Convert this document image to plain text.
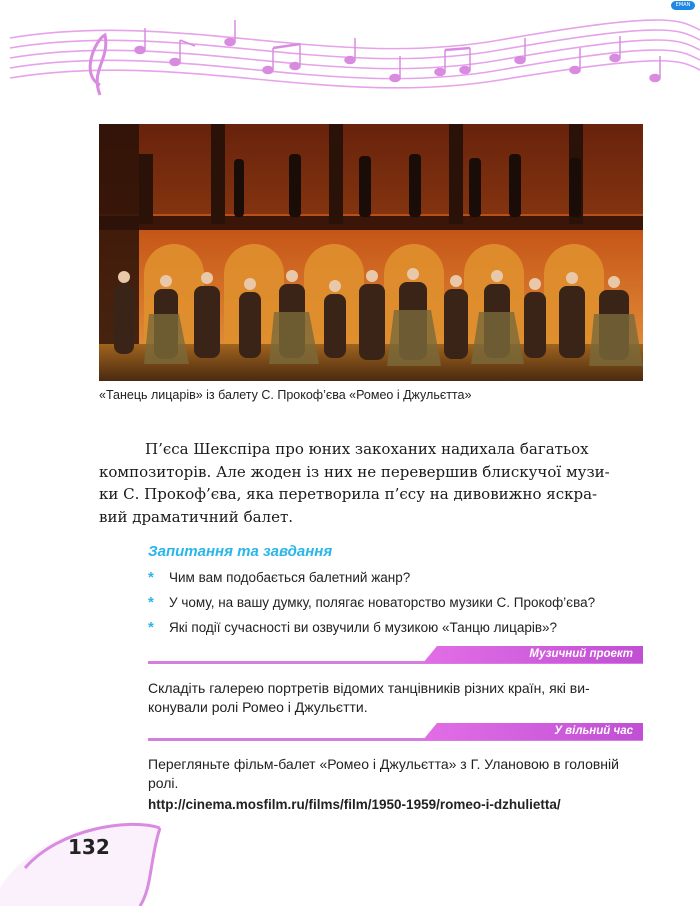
EMAN
«Танець лицарів» із балету С. Прокоф’єва «Ромео і Джульєтта»
П’єса Шекспіра про юних закоханих надихала багатьох
композиторів. Але жоден із них не перевершив блискучої музи-
ки С. Прокоф’єва, яка перетворила п’єсу на дивовижно яскра-
вий драматичний балет.
Запитання та завдання
* Чим вам подобається балетний жанр?
* У чому, на вашу думку, полягає новаторство музики С. Прокоф’єва?
* Які події сучасності ви озвучили б музикою «Танцю лицарів»?
Музичний проект
Складіть галерею портретів відомих танцівників різних країн, які ви-
конували ролі Ромео і Джульєтти.
У вільний час
Перегляньте фільм-балет «Ромео і Джульєтта» з Г. Улановою в головній
ролі.
http://cinema.mosfilm.ru/films/film/1950-1959/romeo-i-dzhulietta/
132
